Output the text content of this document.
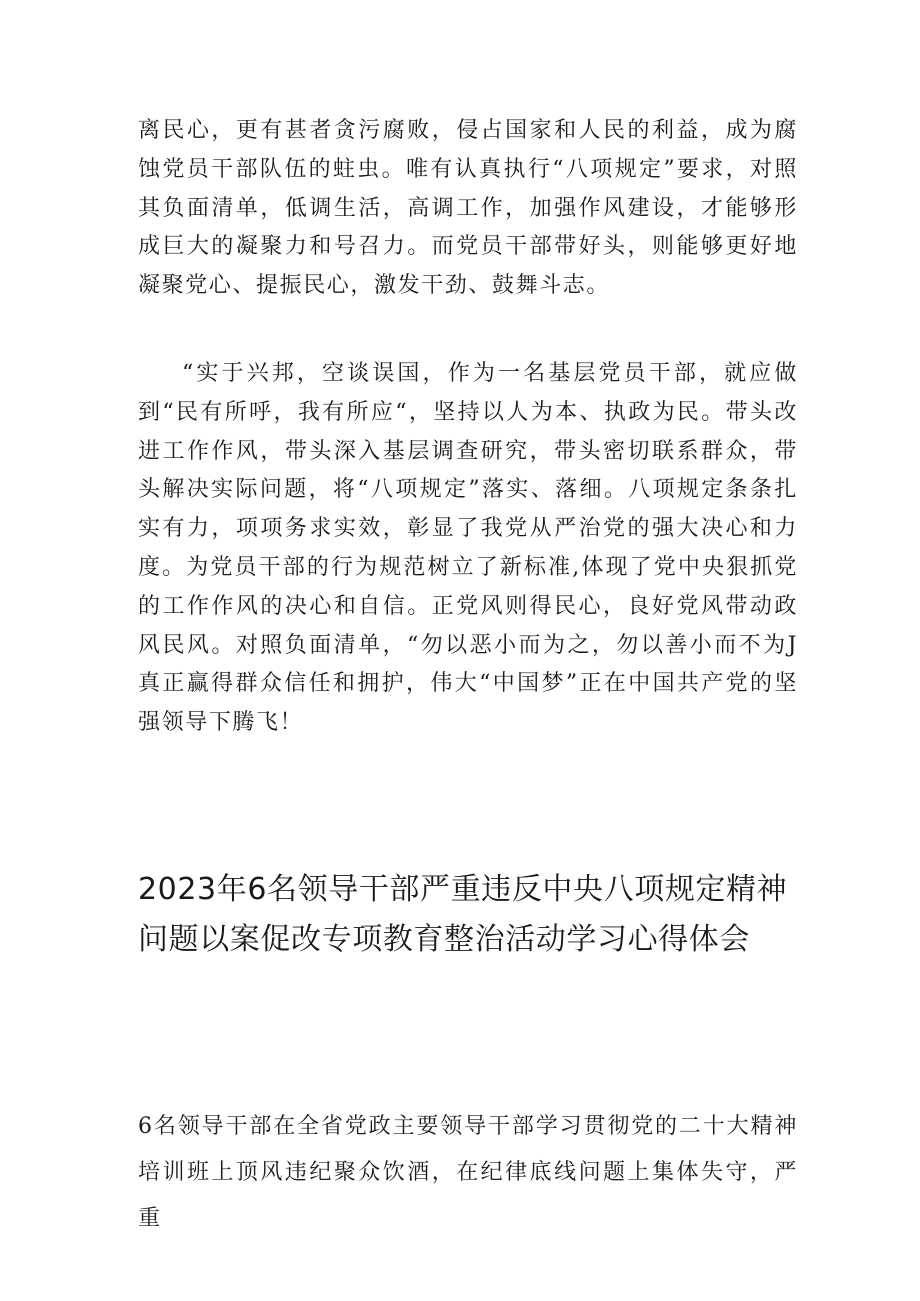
离民心，更有甚者贪污腐败，侵占国家和人民的利益，成为腐蚀党员干部队伍的蛀虫。唯有认真执行“八项规定”要求，对照其负面清单，低调生活，高调工作，加强作风建设，才能够形成巨大的凝聚力和号召力。而党员干部带好头，则能够更好地凝聚党心、提振民心，激发干劲、鼓舞斗志。

“实于兴邦，空谈误国，作为一名基层党员干部，就应做到“民有所呼，我有所应“，坚持以人为本、执政为民。带头改进工作作风，带头深入基层调查研究，带头密切联系群众，带头解决实际问题，将“八项规定”落实、落细。八项规定条条扎实有力，项项务求实效，彰显了我党从严治党的强大决心和力度。为党员干部的行为规范树立了新标准,体现了党中央狠抓党的工作作风的决心和自信。正党风则得民心，良好党风带动政风民风。对照负面清单，“勿以恶小而为之，勿以善小而不为J真正赢得群众信任和拥护，伟大“中国梦”正在中国共产党的坚强领导下腾飞！

2023年6名领导干部严重违反中央八项规定精神问题以案促改专项教育整治活动学习心得体会

6名领导干部在全省党政主要领导干部学习贯彻党的二十大精神培训班上顶风违纪聚众饮酒，在纪律底线问题上集体失守，严重
